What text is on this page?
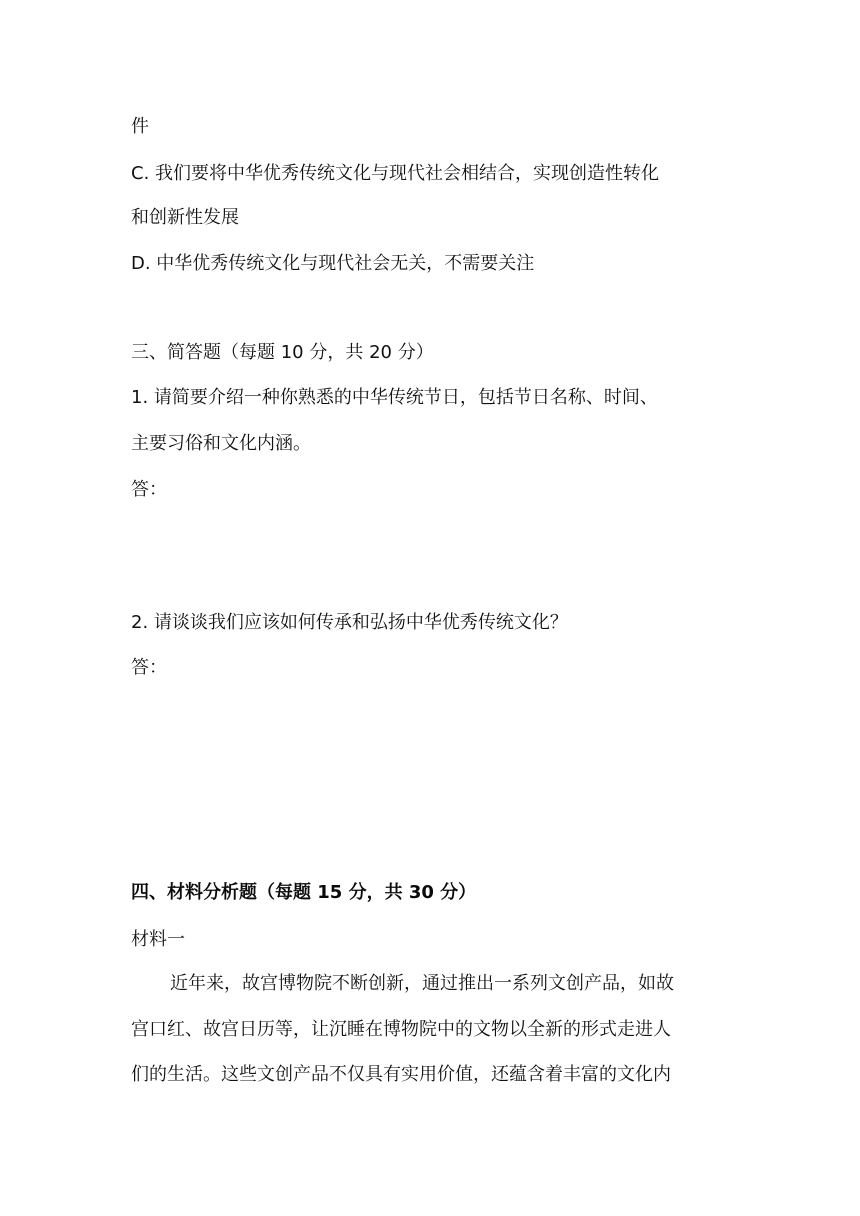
件
C. 我们要将中华优秀传统文化与现代社会相结合，实现创造性转化
和创新性发展
D. 中华优秀传统文化与现代社会无关，不需要关注
三、简答题（每题 10 分，共 20 分）
1. 请简要介绍一种你熟悉的中华传统节日，包括节日名称、时间、
主要习俗和文化内涵。
答：
2. 请谈谈我们应该如何传承和弘扬中华优秀传统文化？
答：
四、材料分析题（每题 15 分，共 30 分）
材料一
近年来，故宫博物院不断创新，通过推出一系列文创产品，如故
宫口红、故宫日历等，让沉睡在博物院中的文物以全新的形式走进人
们的生活。这些文创产品不仅具有实用价值，还蕴含着丰富的文化内
